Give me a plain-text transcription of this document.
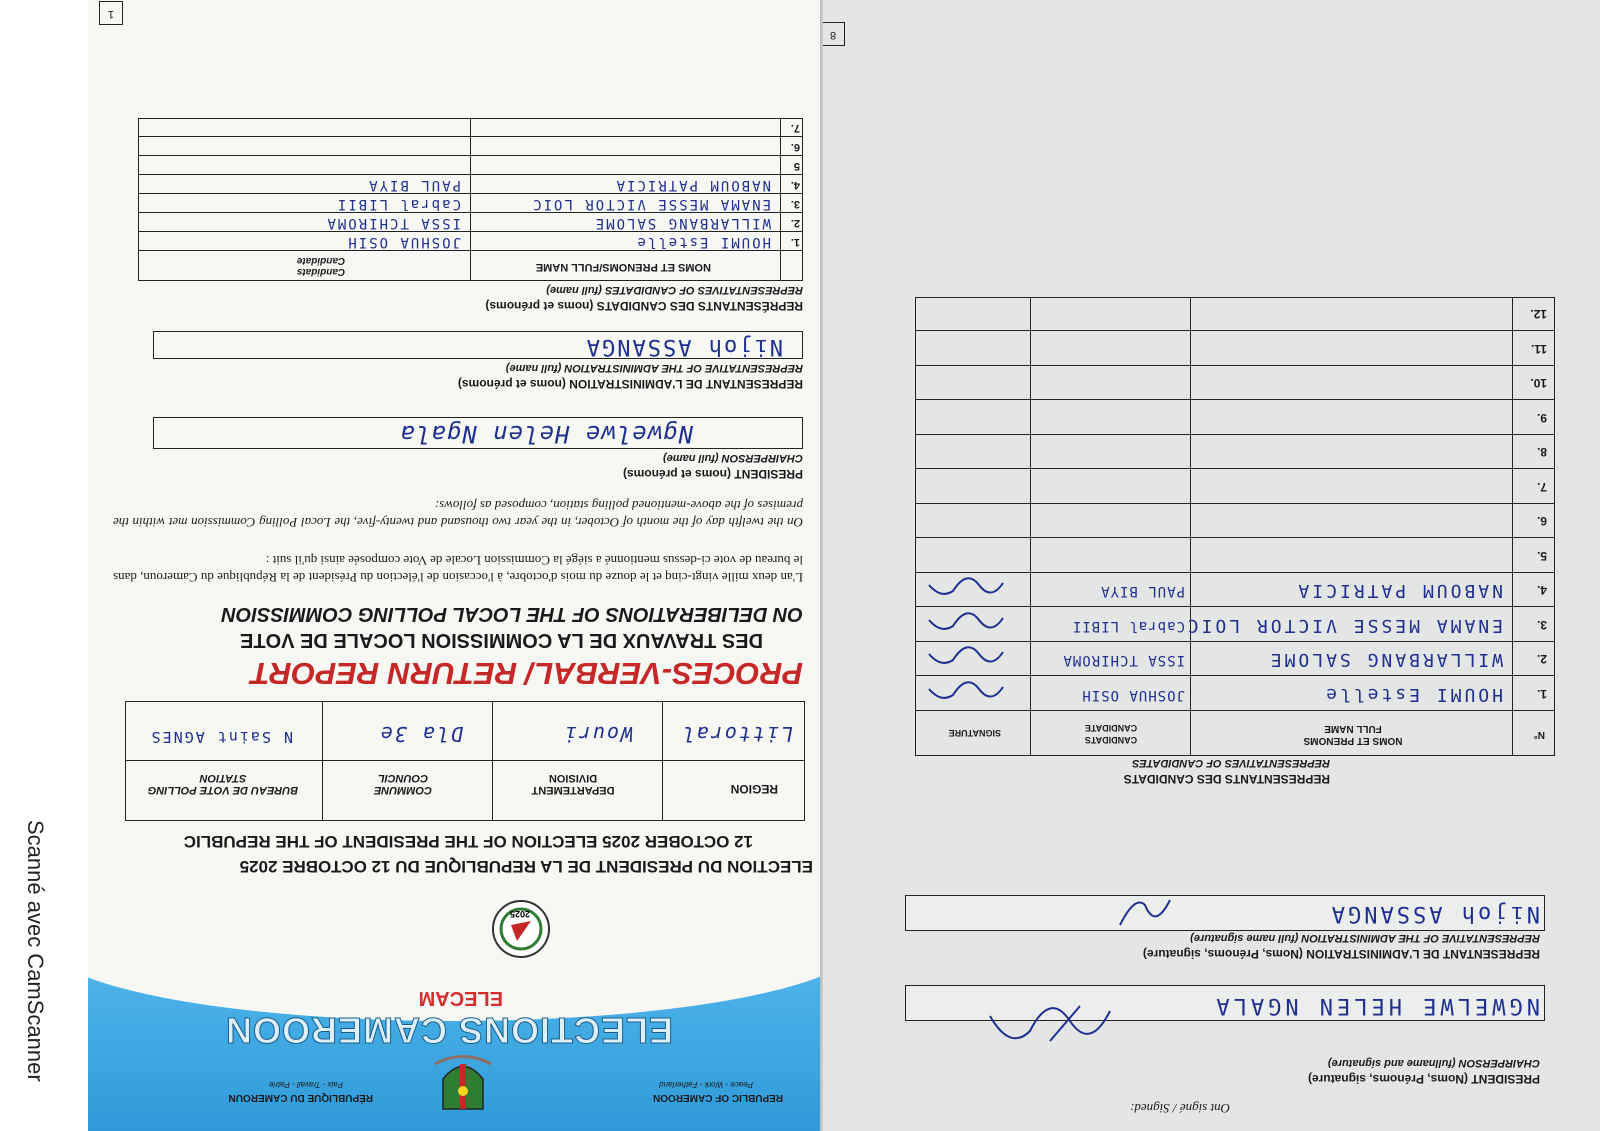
Scanné avec CamScanner
1
RÉPUBLIQUE DU CAMEROUN
Paix - Travail - Patrie
REPUBLIC OF CAMEROON
Peace - Work - Fatherland
ELECTIONS CAMEROON
ELECAM
2025
ELECTION DU PRESIDENT DE LA REPUBLIQUE DU 12 OCTOBRE 2025
12 OCTOBER 2025 ELECTION OF THE PRESIDENT OF THE REPUBLIC
REGION
DEPARTEMENT DIVISION
COMMUNE COUNCIL
BUREAU DE VOTE POLLING STATION
Littoral
Wouri
Dla 3e
N Saint AGNES
PROCES-VERBAL/ RETURN REPORT
DES TRAVAUX DE LA COMMISSION LOCALE DE VOTE
ON DELIBERATIONS OF THE LOCAL POLLING COMMISSION
L'an deux mille vingt-cinq et le douze du mois d'octobre, à l'occasion de l'élection du Président de la République du Cameroun, dans le bureau de vote ci-dessus mentionné a siégé la Commission Locale de Vote composée ainsi qu'il suit :
On the twelfth day of the month of October, in the year two thousand and twenty-five, the Local Polling Commission met within the premises of the above-mentioned polling station, composed as follows:
PRESIDENT (noms et prénoms)
CHAIRPERSON (full name)
Ngwelwe Helen Ngala
REPRESENTANT DE L'ADMINISTRATION (noms et prénoms)
REPRESENTATIVE OF THE ADMINISTRATION (full name)
Nijoh ASSANGA
REPRÉSENTANTS DES CANDIDATS (noms et prénoms)
REPRESENTATIVES OF CANDIDATES (full name)
NOMS ET PRENOMS/FULL NAME
Candidats Candidate
1.
HOUMI Estelle
JOSHUA OSIH
2.
WILLARBANG SALOME
ISSA TCHIROMA
3.
ENAMA MESSE VICTOR LOIC
Cabral LIBII
4.
NABOUM PATRICIA
PAUL BIYA
5
6.
7.
8
Ont signé / Signed:
PRESIDENT (Noms, Prénoms, signature)
CHAIRPERSON (fullname and signature)
NGWELWE HELEN NGALA
REPRESENTANT DE L'ADMINISTRATION (Noms, Prénoms, signature)
REPRESENTATIVE OF THE ADMINISTRATION (full name signature)
Nijoh ASSANGA
REPRESENTANTS DES CANDIDATS
REPRESENTATIVES OF CANDIDATES
N°
NOMS ET PRENOMS FULL NAME
CANDIDATS CANDIDATE
SIGNATURE
1.
HOUMI Estelle
JOSHUA OSIH
2.
WILLARBANG SALOME
ISSA TCHIROMA
3.
ENAMA MESSE VICTOR LOIC
Cabral LIBII
4.
NABOUM PATRICIA
PAUL BIYA
5.
6.
7.
8.
9.
10.
11.
12.
